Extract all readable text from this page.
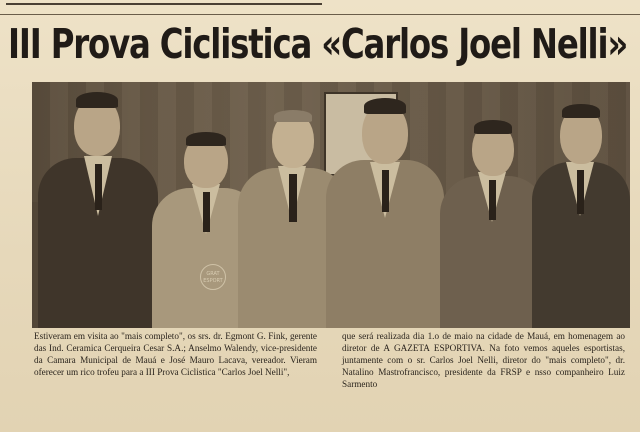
III Prova Ciclistica «Carlos Joel Nelli»
GRAT ESPORT
Estiveram em visita ao "mais completo", os srs. dr. Egmont G. Fink, gerente das Ind. Ceramica Cerqueira Cesar S.A.; Anselmo Walendy, vice-presidente da Camara Municipal de Mauá e José Mauro Lacava, vereador. Vieram oferecer um rico trofeu para a III Prova Ciclistica "Carlos Joel Nelli",
que será realizada dia 1.o de maio na cidade de Mauá, em homenagem ao diretor de A GAZETA ESPORTIVA. Na foto vemos aqueles esportistas, juntamente com o sr. Carlos Joel Nelli, diretor do "mais completo", dr. Natalino Mastrofrancisco, presidente da FRSP e nsso companheiro Luiz Sarmento
